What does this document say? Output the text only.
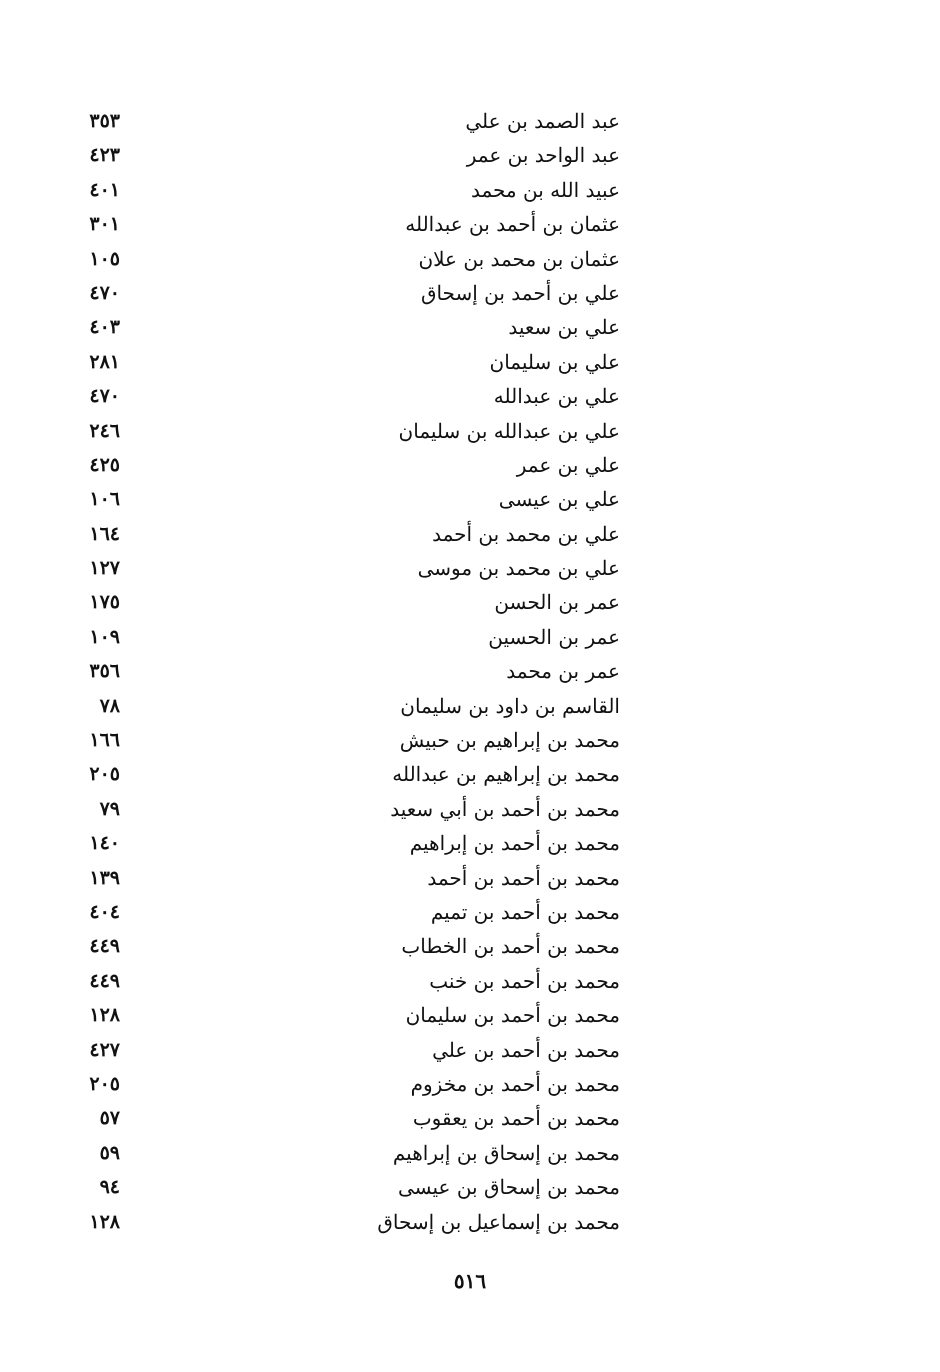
عبد الصمد بن علي
٣٥٣
عبد الواحد بن عمر
٤٢٣
عبيد الله بن محمد
٤٠١
عثمان بن أحمد بن عبدالله
٣٠١
عثمان بن محمد بن علان
١٠٥
علي بن أحمد بن إسحاق
٤٧٠
علي بن سعيد
٤٠٣
علي بن سليمان
٢٨١
علي بن عبدالله
٤٧٠
علي بن عبدالله بن سليمان
٢٤٦
علي بن عمر
٤٢٥
علي بن عيسى
١٠٦
علي بن محمد بن أحمد
١٦٤
علي بن محمد بن موسى
١٢٧
عمر بن الحسن
١٧٥
عمر بن الحسين
١٠٩
عمر بن محمد
٣٥٦
القاسم بن داود بن سليمان
٧٨
محمد بن إبراهيم بن حبيش
١٦٦
محمد بن إبراهيم بن عبدالله
٢٠٥
محمد بن أحمد بن أبي سعيد
٧٩
محمد بن أحمد بن إبراهيم
١٤٠
محمد بن أحمد بن أحمد
١٣٩
محمد بن أحمد بن تميم
٤٠٤
محمد بن أحمد بن الخطاب
٤٤٩
محمد بن أحمد بن خنب
٤٤٩
محمد بن أحمد بن سليمان
١٢٨
محمد بن أحمد بن علي
٤٢٧
محمد بن أحمد بن مخزوم
٢٠٥
محمد بن أحمد بن يعقوب
٥٧
محمد بن إسحاق بن إبراهيم
٥٩
محمد بن إسحاق بن عيسى
٩٤
محمد بن إسماعيل بن إسحاق
١٢٨
٥١٦
